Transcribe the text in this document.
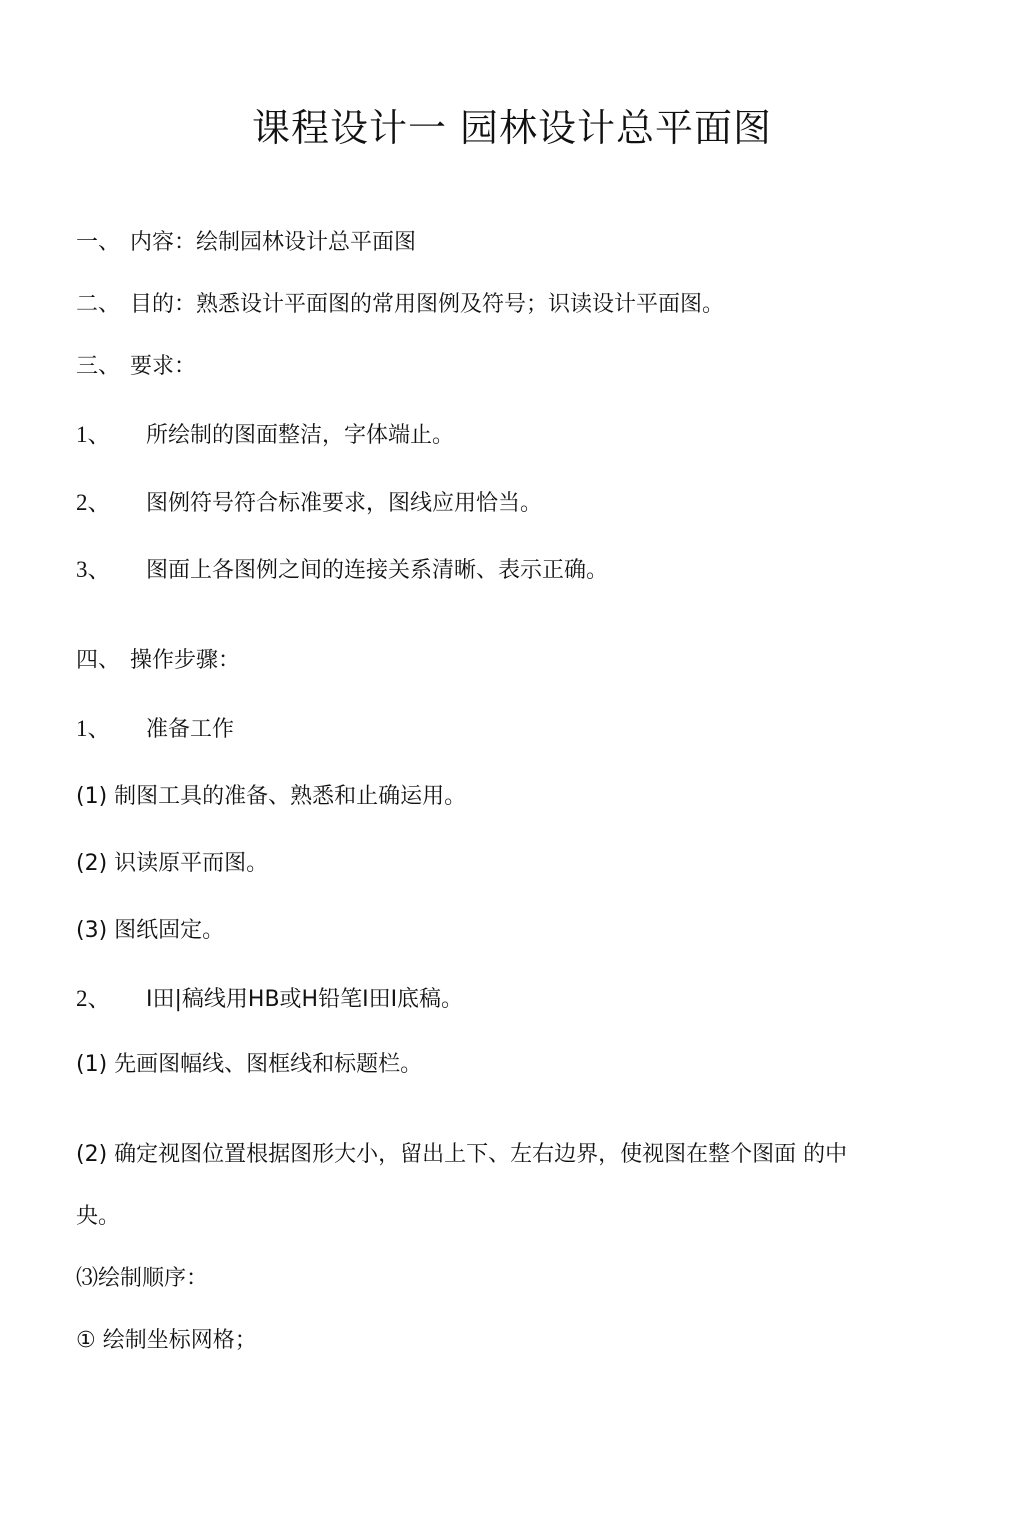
课程设计一 园林设计总平面图
一、 内容：绘制园林设计总平面图
二、 目的：熟悉设计平面图的常用图例及符号；识读设计平面图。
三、 要求：
1、 所绘制的图面整洁，字体端止。
2、 图例符号符合标准要求，图线应用恰当。
3、 图面上各图例之间的连接关系清晰、表示正确。
四、 操作步骤：
1、 准备工作
(1) 制图工具的准备、熟悉和止确运用。
(2) 识读原平而图。
(3) 图纸固定。
2、 I田|稿线用HB或H铅笔I田I底稿。
(1) 先画图幅线、图框线和标题栏。
(2) 确定视图位置根据图形大小，留出上下、左右边界，使视图在整个图面 的中
央。
⑶绘制顺序：
① 绘制坐标网格；
